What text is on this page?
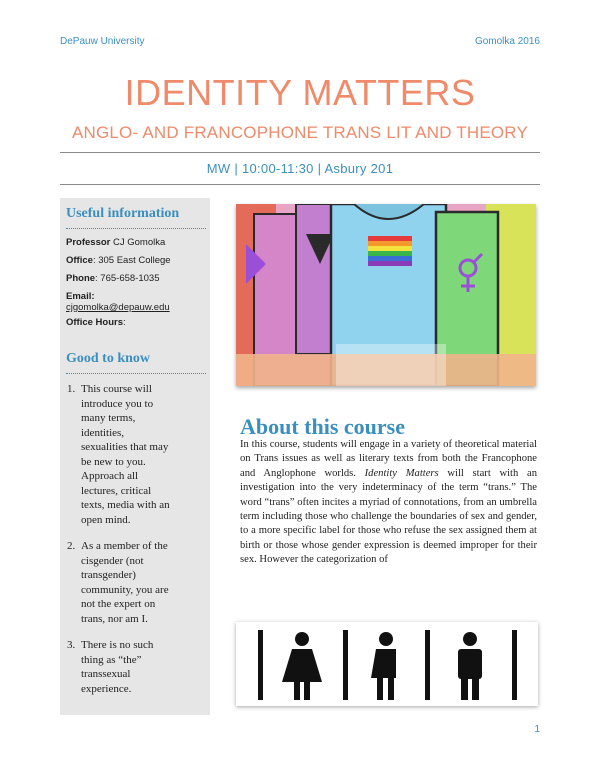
DePauw University	Gomolka 2016
IDENTITY MATTERS
ANGLO- AND FRANCOPHONE TRANS LIT AND THEORY
MW | 10:00-11:30 | Asbury 201
Useful information
Professor CJ Gomolka
Office: 305 East College
Phone: 765-658-1035
Email:
cjgomolka@depauw.edu
Office Hours:
Good to know
1. This course will introduce you to many terms, identities, sexualities that may be new to you. Approach all lectures, critical texts, media with an open mind.
2. As a member of the cisgender (not transgender) community, you are not the expert on trans, nor am I.
3. There is no such thing as “the” transsexual experience.
About this course
In this course, students will engage in a variety of theoretical material on Trans issues as well as literary texts from both the Francophone and Anglophone worlds. Identity Matters will start with an investigation into the very indeterminacy of the term “trans.” The word “trans” often incites a myriad of connotations, from an umbrella term including those who challenge the boundaries of sex and gender, to a more specific label for those who refuse the sex assigned them at birth or those whose gender expression is deemed improper for their sex. However the categorization of
1
